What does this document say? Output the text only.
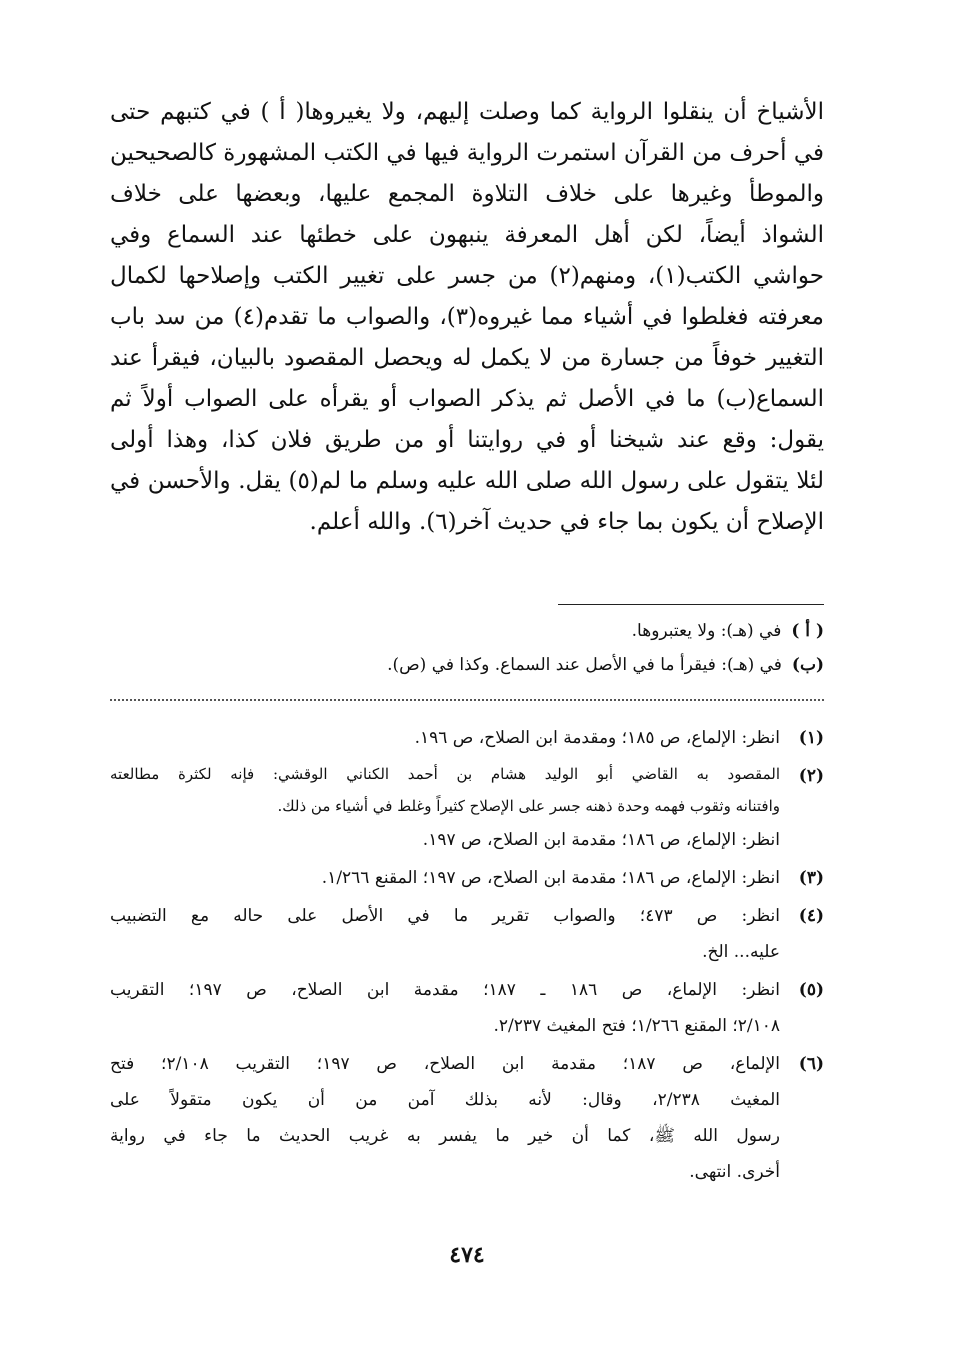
الأشياخ أن ينقلوا الرواية كما وصلت إليهم، ولا يغيروها( أ ) في كتبهم حتى
في أحرف من القرآن استمرت الرواية فيها في الكتب المشهورة كالصحيحين
والموطأ وغيرها على خلاف التلاوة المجمع عليها، وبعضها على خلاف
الشواذ أيضاً، لكن أهل المعرفة ينبهون على خطئها عند السماع وفي
حواشي الكتب(١)، ومنهم(٢) من جسر على تغيير الكتب وإصلاحها لكمال
معرفته فغلطوا في أشياء مما غيروه(٣)، والصواب ما تقدم(٤) من سد باب
التغيير خوفاً من جسارة من لا يكمل له ويحصل المقصود بالبيان، فيقرأ عند
السماع(ب) ما في الأصل ثم يذكر الصواب أو يقرأه على الصواب أولاً ثم
يقول: وقع عند شيخنا أو في روايتنا أو من طريق فلان كذا، وهذا أولى
لئلا يتقول على رسول الله صلى الله عليه وسلم ما لم(٥) يقل. والأحسن في
الإصلاح أن يكون بما جاء في حديث آخر(٦). والله أعلم.
( أ )
في (هـ): ولا يعتبروها.
(ب)
في (هـ): فيقرأ ما في الأصل عند السماع. وكذا في (ص).
(١)
انظر: الإلماع، ص ١٨٥؛ ومقدمة ابن الصلاح، ص ١٩٦.
(٢)
المقصود به القاضي أبو الوليد هشام بن أحمد الكناني الوقشي: فإنه لكثرة مطالعته
وافتنانه وثقوب فهمه وحدة ذهنه جسر على الإصلاح كثيراً وغلط في أشياء من ذلك.
انظر: الإلماع، ص ١٨٦؛ مقدمة ابن الصلاح، ص ١٩٧.
(٣)
انظر: الإلماع، ص ١٨٦؛ مقدمة ابن الصلاح، ص ١٩٧؛ المقنع ١/٢٦٦.
(٤)
انظر: ص ٤٧٣؛ والصواب تقرير ما في الأصل على حاله مع التضبيب
عليه... الخ.
(٥)
انظر: الإلماع، ص ١٨٦ ـ ١٨٧؛ مقدمة ابن الصلاح، ص ١٩٧؛ التقريب
٢/١٠٨؛ المقنع ١/٢٦٦؛ فتح المغيث ٢/٢٣٧.
(٦)
الإلماع، ص ١٨٧؛ مقدمة ابن الصلاح، ص ١٩٧؛ التقريب ٢/١٠٨؛ فتح
المغيث ٢/٢٣٨، وقال: لأنه بذلك آمن من أن يكون متقولاً على
رسول الله ﷺ، كما أن خير ما يفسر به غريب الحديث ما جاء في رواية
أخرى. انتهى.
٤٧٤
